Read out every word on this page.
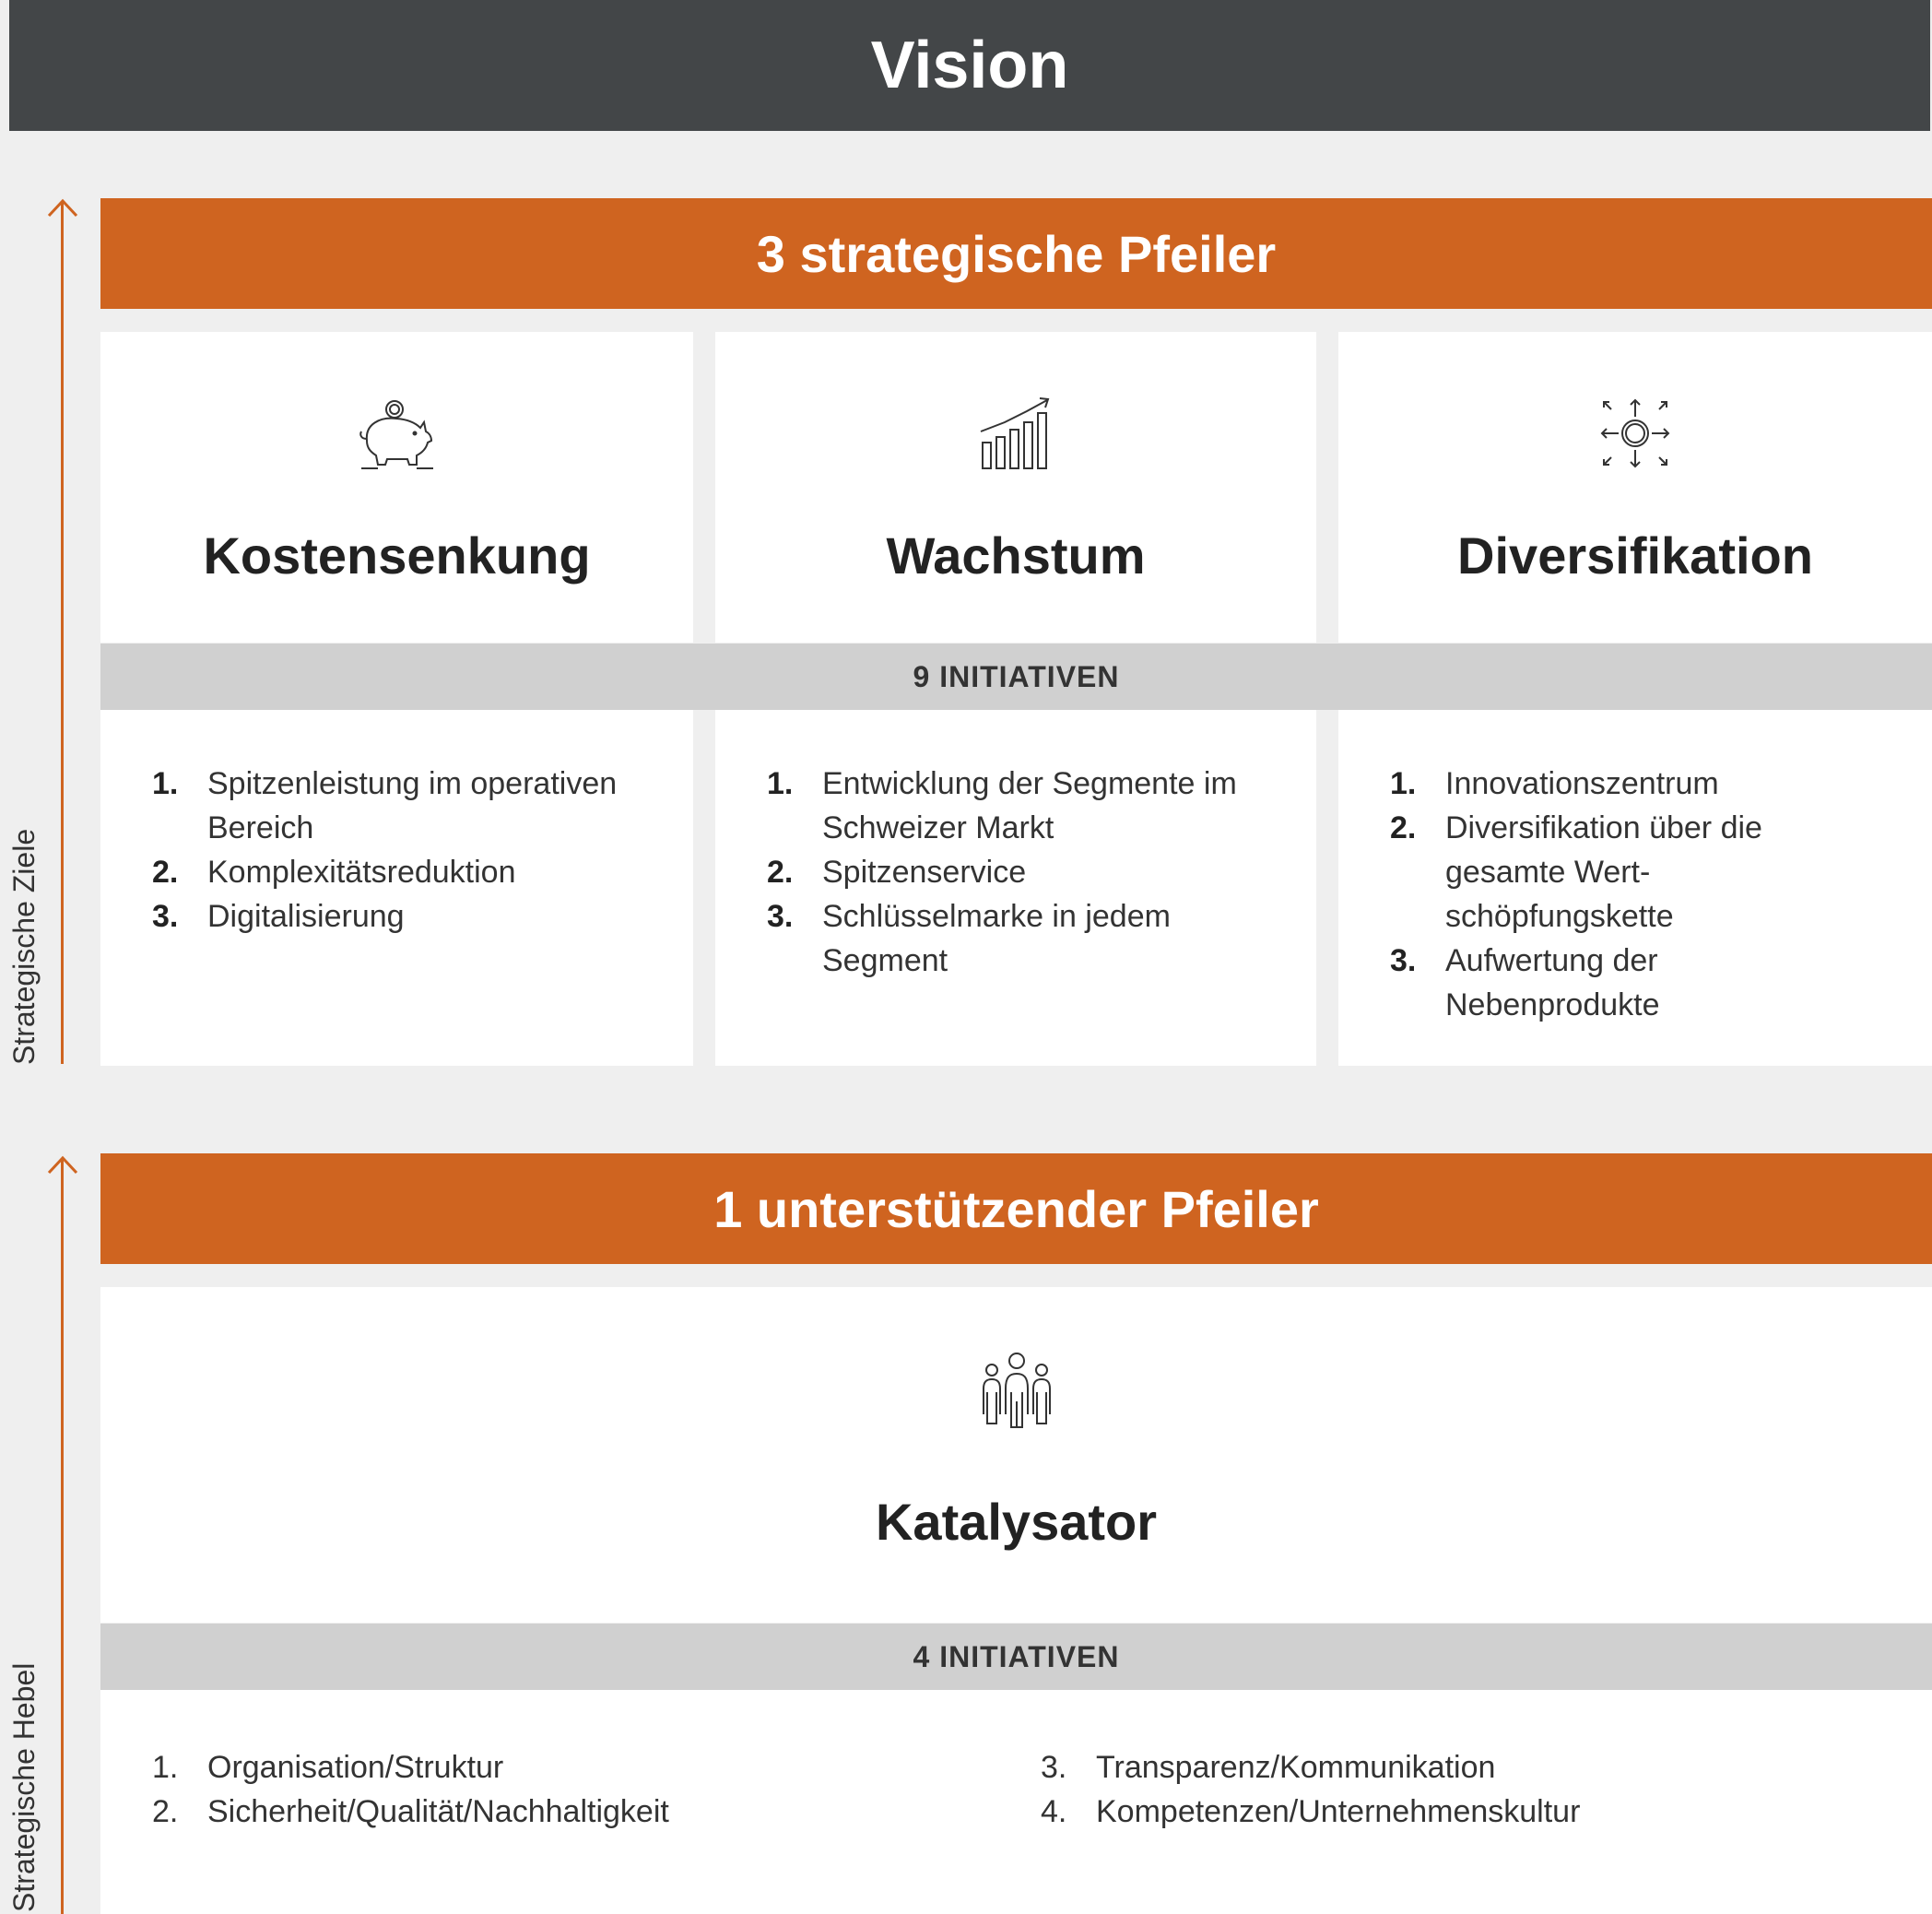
Vision
Strategische Ziele
3 strategische Pfeiler
Kostensenkung	Wachstum	Diversifikation
9 INITIATIVEN
1. Spitzenleistung im operativen Bereich
2. Komplexitätsreduktion
3. Digitalisierung
1. Entwicklung der Segmente im Schweizer Markt
2. Spitzenservice
3. Schlüsselmarke in jedem Segment
1. Innovationszentrum
2. Diversifikation über die gesamte Wert-schöpfungskette
3. Aufwertung der Nebenprodukte
Strategische Hebel
1 unterstützender Pfeiler
Katalysator
4 INITIATIVEN
1. Organisation/Struktur
2. Sicherheit/Qualität/Nachhaltigkeit
3. Transparenz/Kommunikation
4. Kompetenzen/Unternehmenskultur
